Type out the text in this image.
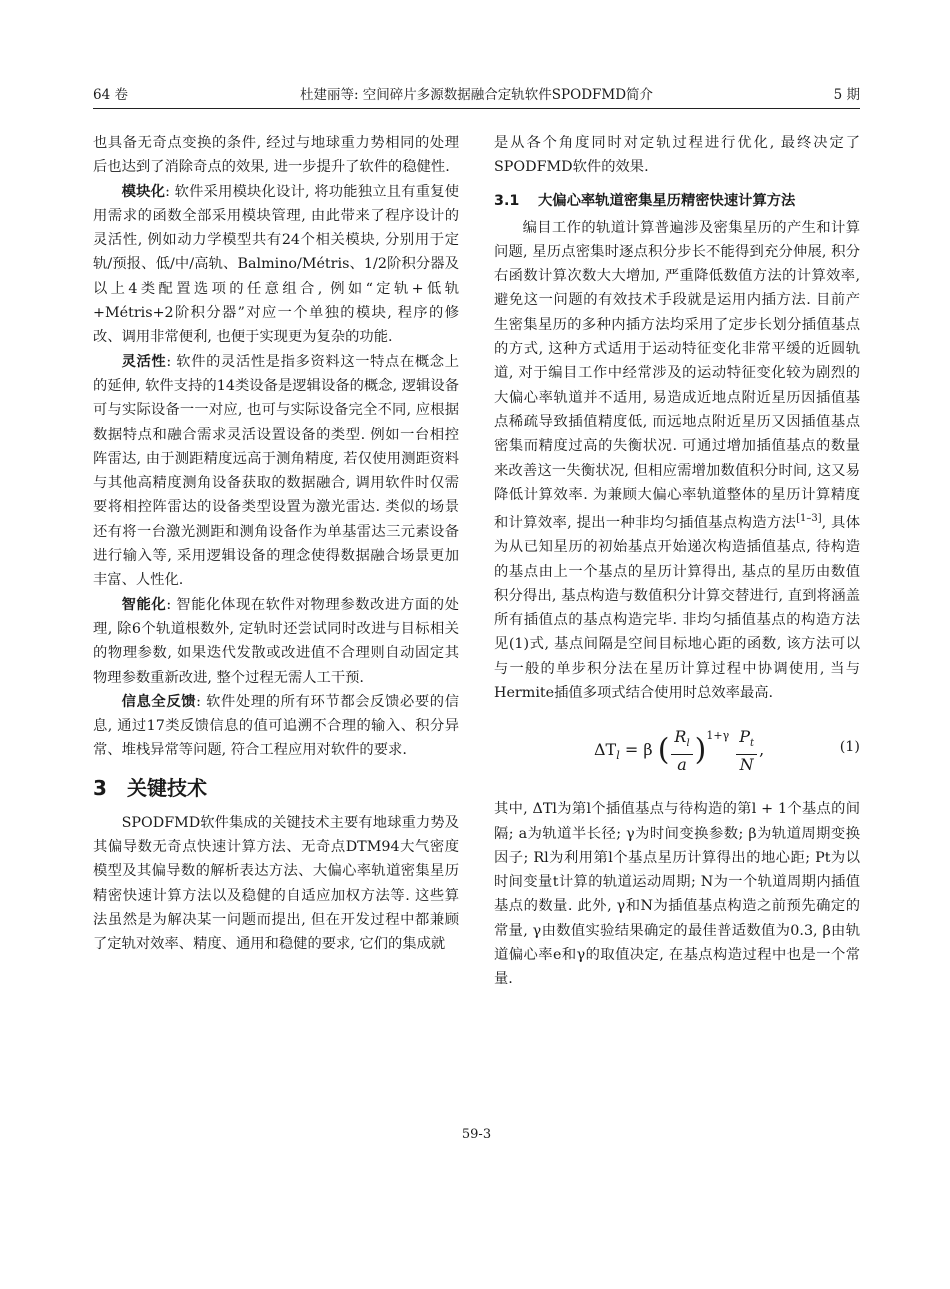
64 卷	杜建丽等: 空间碎片多源数据融合定轨软件SPODFMD简介	5 期

也具备无奇点变换的条件, 经过与地球重力势相同的处理后也达到了消除奇点的效果, 进一步提升了软件的稳健性.

模块化: 软件采用模块化设计, 将功能独立且有重复使用需求的函数全部采用模块管理, 由此带来了程序设计的灵活性, 例如动力学模型共有24个相关模块, 分别用于定轨/预报、低/中/高轨、Balmino/Métris、1/2阶积分器及以上4类配置选项的任意组合, 例如“定轨+低轨+Métris+2阶积分器”对应一个单独的模块, 程序的修改、调用非常便利, 也便于实现更为复杂的功能.

灵活性: 软件的灵活性是指多资料这一特点在概念上的延伸, 软件支持的14类设备是逻辑设备的概念, 逻辑设备可与实际设备一一对应, 也可与实际设备完全不同, 应根据数据特点和融合需求灵活设置设备的类型. 例如一台相控阵雷达, 由于测距精度远高于测角精度, 若仅使用测距资料与其他高精度测角设备获取的数据融合, 调用软件时仅需要将相控阵雷达的设备类型设置为激光雷达. 类似的场景还有将一台激光测距和测角设备作为单基雷达三元素设备进行输入等, 采用逻辑设备的理念使得数据融合场景更加丰富、人性化.

智能化: 智能化体现在软件对物理参数改进方面的处理, 除6个轨道根数外, 定轨时还尝试同时改进与目标相关的物理参数, 如果迭代发散或改进值不合理则自动固定其物理参数重新改进, 整个过程无需人工干预.

信息全反馈: 软件处理的所有环节都会反馈必要的信息, 通过17类反馈信息的值可追溯不合理的输入、积分异常、堆栈异常等问题, 符合工程应用对软件的要求.

3 关键技术

SPODFMD软件集成的关键技术主要有地球重力势及其偏导数无奇点快速计算方法、无奇点DTM94大气密度模型及其偏导数的解析表达方法、大偏心率轨道密集星历精密快速计算方法以及稳健的自适应加权方法等. 这些算法虽然是为解决某一问题而提出, 但在开发过程中都兼顾了定轨对效率、精度、通用和稳健的要求, 它们的集成就

是从各个角度同时对定轨过程进行优化, 最终决定了SPODFMD软件的效果.

3.1 大偏心率轨道密集星历精密快速计算方法

编目工作的轨道计算普遍涉及密集星历的产生和计算问题, 星历点密集时逐点积分步长不能得到充分伸展, 积分右函数计算次数大大增加, 严重降低数值方法的计算效率, 避免这一问题的有效技术手段就是运用内插方法. 目前产生密集星历的多种内插方法均采用了定步长划分插值基点的方式, 这种方式适用于运动特征变化非常平缓的近圆轨道, 对于编目工作中经常涉及的运动特征变化较为剧烈的大偏心率轨道并不适用, 易造成近地点附近星历因插值基点稀疏导致插值精度低, 而远地点附近星历又因插值基点密集而精度过高的失衡状况. 可通过增加插值基点的数量来改善这一失衡状况, 但相应需增加数值积分时间, 这又易降低计算效率. 为兼顾大偏心率轨道整体的星历计算精度和计算效率, 提出一种非均匀插值基点构造方法[1–3], 具体为从已知星历的初始基点开始递次构造插值基点, 待构造的基点由上一个基点的星历计算得出, 基点的星历由数值积分得出, 基点构造与数值积分计算交替进行, 直到将涵盖所有插值点的基点构造完毕. 非均匀插值基点的构造方法见(1)式, 基点间隔是空间目标地心距的函数, 该方法可以与一般的单步积分法在星历计算过程中协调使用, 当与Hermite插值多项式结合使用时总效率最高.

$\Delta T_l = \beta$ ( $\frac{R_l}{a} )^{1+\gamma} \frac{P_t}{N}$ ,	(1)

其中, ΔTl为第l个插值基点与待构造的第l + 1个基点的间隔; a为轨道半长径; γ为时间变换参数; β为轨道周期变换因子; Rl为利用第l个基点星历计算得出的地心距; Pt为以时间变量t计算的轨道运动周期; N为一个轨道周期内插值基点的数量. 此外, γ和N为插值基点构造之前预先确定的常量, γ由数值实验结果确定的最佳普适数值为0.3, β由轨道偏心率e和γ的取值决定, 在基点构造过程中也是一个常量.

59-3
